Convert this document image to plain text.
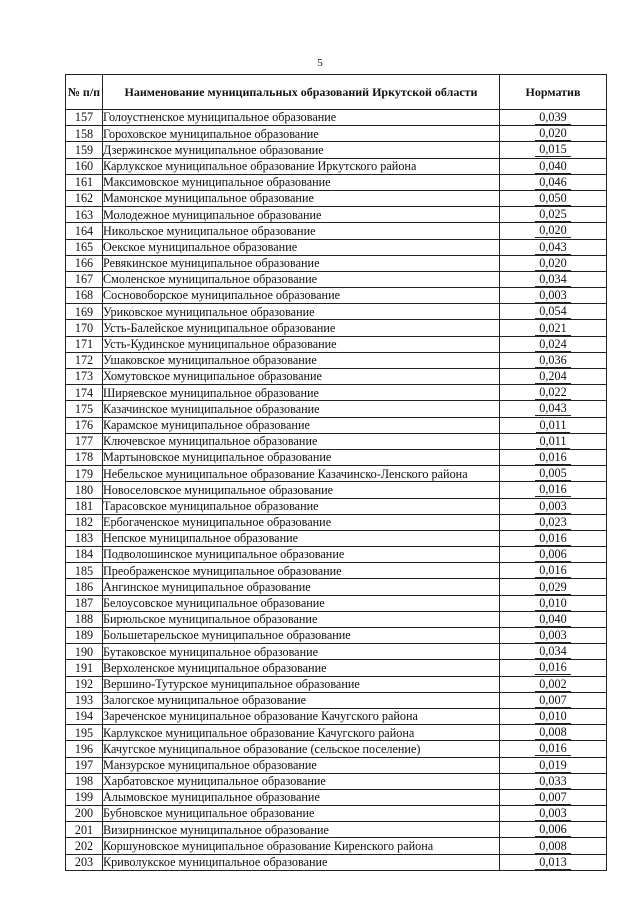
5
№ п/п	Наименование муниципальных образований Иркутской области	Норматив
157	Голоустненское муниципальное образование	0,039
158	Гороховское муниципальное образование	0,020
159	Дзержинское муниципальное образование	0,015
160	Карлукское муниципальное образование Иркутского района	0,040
161	Максимовское муниципальное образование	0,046
162	Мамонское муниципальное образование	0,050
163	Молодежное муниципальное образование	0,025
164	Никольское муниципальное образование	0,020
165	Оекское муниципальное образование	0,043
166	Ревякинское муниципальное образование	0,020
167	Смоленское муниципальное образование	0,034
168	Сосновоборское муниципальное образование	0,003
169	Уриковское муниципальное образование	0,054
170	Усть-Балейское муниципальное образование	0,021
171	Усть-Кудинское муниципальное образование	0,024
172	Ушаковское муниципальное образование	0,036
173	Хомутовское муниципальное образование	0,204
174	Ширяевское муниципальное образование	0,022
175	Казачинское муниципальное образование	0,043
176	Карамское муниципальное образование	0,011
177	Ключевское муниципальное образование	0,011
178	Мартыновское муниципальное образование	0,016
179	Небельское муниципальное образование Казачинско-Ленского района	0,005
180	Новоселовское муниципальное образование	0,016
181	Тарасовское муниципальное образование	0,003
182	Ербогаченское муниципальное образование	0,023
183	Непское муниципальное образование	0,016
184	Подволошинское муниципальное образование	0,006
185	Преображенское муниципальное образование	0,016
186	Ангинское муниципальное образование	0,029
187	Белоусовское муниципальное образование	0,010
188	Бирюльское муниципальное образование	0,040
189	Большетарельское муниципальное образование	0,003
190	Бутаковское муниципальное образование	0,034
191	Верхоленское муниципальное образование	0,016
192	Вершино-Тутурское муниципальное образование	0,002
193	Залогское муниципальное образование	0,007
194	Зареченское муниципальное образование Качугского района	0,010
195	Карлукское муниципальное образование Качугского района	0,008
196	Качугское муниципальное образование (сельское поселение)	0,016
197	Манзурское муниципальное образование	0,019
198	Харбатовское муниципальное образование	0,033
199	Алымовское муниципальное образование	0,007
200	Бубновское муниципальное образование	0,003
201	Визирнинское муниципальное образование	0,006
202	Коршуновское муниципальное образование Киренского района	0,008
203	Криволукское муниципальное образование	0,013
